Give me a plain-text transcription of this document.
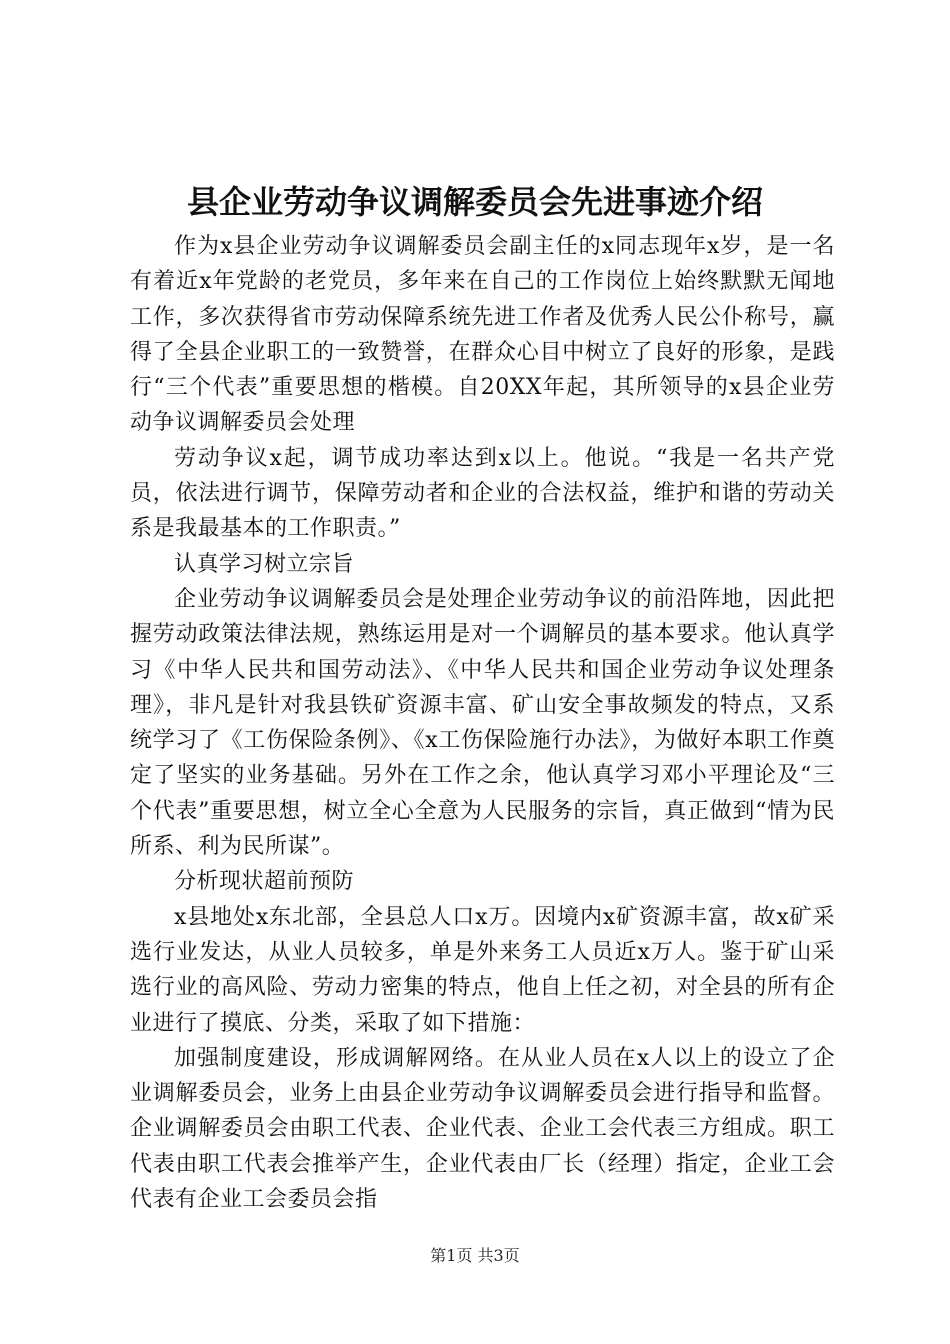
县企业劳动争议调解委员会先进事迹介绍

作为x县企业劳动争议调解委员会副主任的x同志现年x岁，是一名有着近x年党龄的老党员，多年来在自己的工作岗位上始终默默无闻地工作，多次获得省市劳动保障系统先进工作者及优秀人民公仆称号，赢得了全县企业职工的一致赞誉，在群众心目中树立了良好的形象，是践行“三个代表”重要思想的楷模。自20XX年起，其所领导的x县企业劳动争议调解委员会处理

劳动争议x起，调节成功率达到x以上。他说。“我是一名共产党员，依法进行调节，保障劳动者和企业的合法权益，维护和谐的劳动关系是我最基本的工作职责。”

认真学习树立宗旨

企业劳动争议调解委员会是处理企业劳动争议的前沿阵地，因此把握劳动政策法律法规，熟练运用是对一个调解员的基本要求。他认真学习《中华人民共和国劳动法》、《中华人民共和国企业劳动争议处理条理》，非凡是针对我县铁矿资源丰富、矿山安全事故频发的特点，又系统学习了《工伤保险条例》、《x工伤保险施行办法》，为做好本职工作奠定了坚实的业务基础。另外在工作之余，他认真学习邓小平理论及“三个代表”重要思想，树立全心全意为人民服务的宗旨，真正做到“情为民所系、利为民所谋”。

分析现状超前预防

x县地处x东北部，全县总人口x万。因境内x矿资源丰富，故x矿采选行业发达，从业人员较多，单是外来务工人员近x万人。鉴于矿山采选行业的高风险、劳动力密集的特点，他自上任之初，对全县的所有企业进行了摸底、分类，采取了如下措施：

加强制度建设，形成调解网络。在从业人员在x人以上的设立了企业调解委员会，业务上由县企业劳动争议调解委员会进行指导和监督。企业调解委员会由职工代表、企业代表、企业工会代表三方组成。职工代表由职工代表会推举产生，企业代表由厂长（经理）指定，企业工会代表有企业工会委员会指

第1页 共3页
